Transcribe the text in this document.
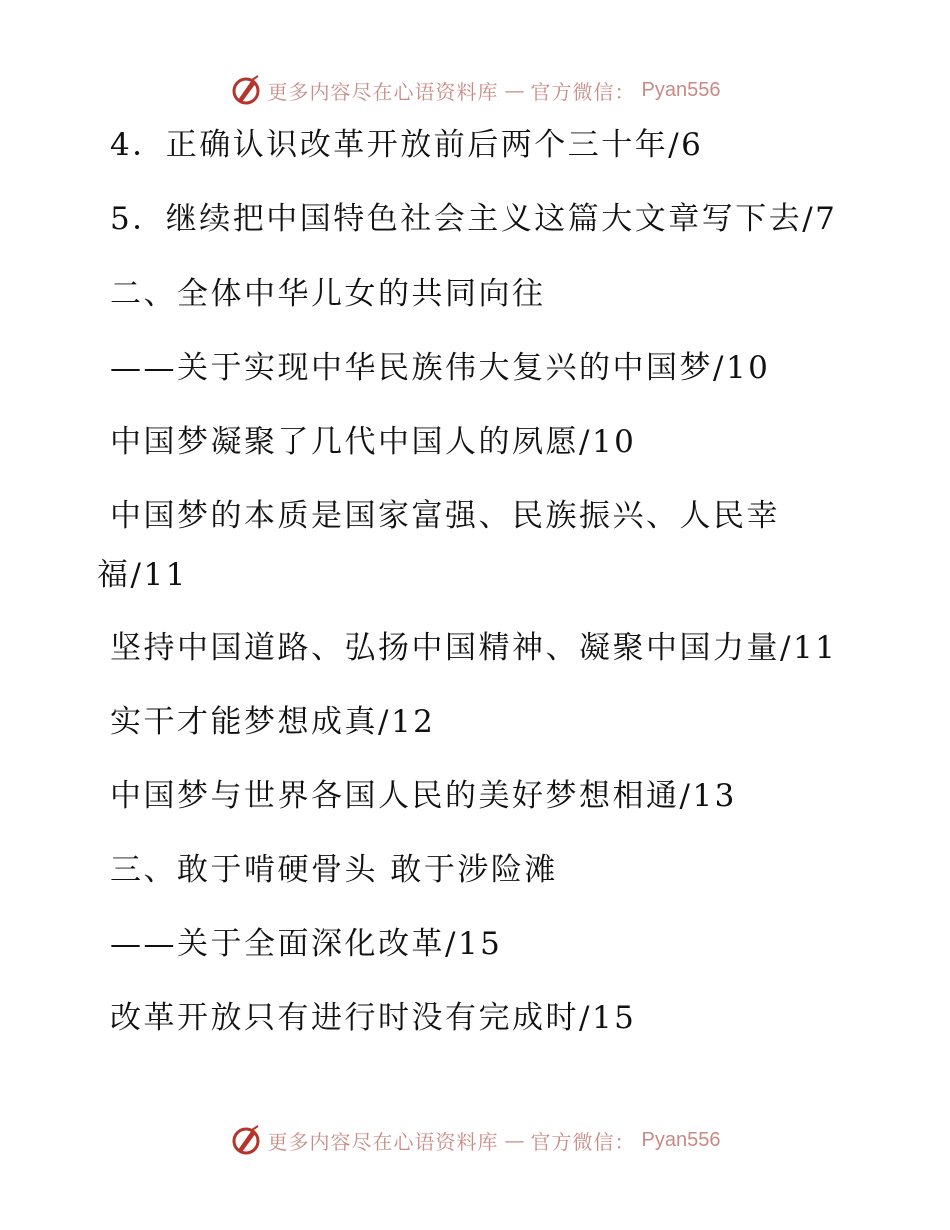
更多内容尽在心语资料库 — 官方微信： Pyan556
4．正确认识改革开放前后两个三十年/6
5．继续把中国特色社会主义这篇大文章写下去/7
二、全体中华儿女的共同向往
——关于实现中华民族伟大复兴的中国梦/10
中国梦凝聚了几代中国人的夙愿/10
中国梦的本质是国家富强、民族振兴、人民幸
福/11
坚持中国道路、弘扬中国精神、凝聚中国力量/11
实干才能梦想成真/12
中国梦与世界各国人民的美好梦想相通/13
三、敢于啃硬骨头 敢于涉险滩
——关于全面深化改革/15
改革开放只有进行时没有完成时/15
更多内容尽在心语资料库 — 官方微信： Pyan556
